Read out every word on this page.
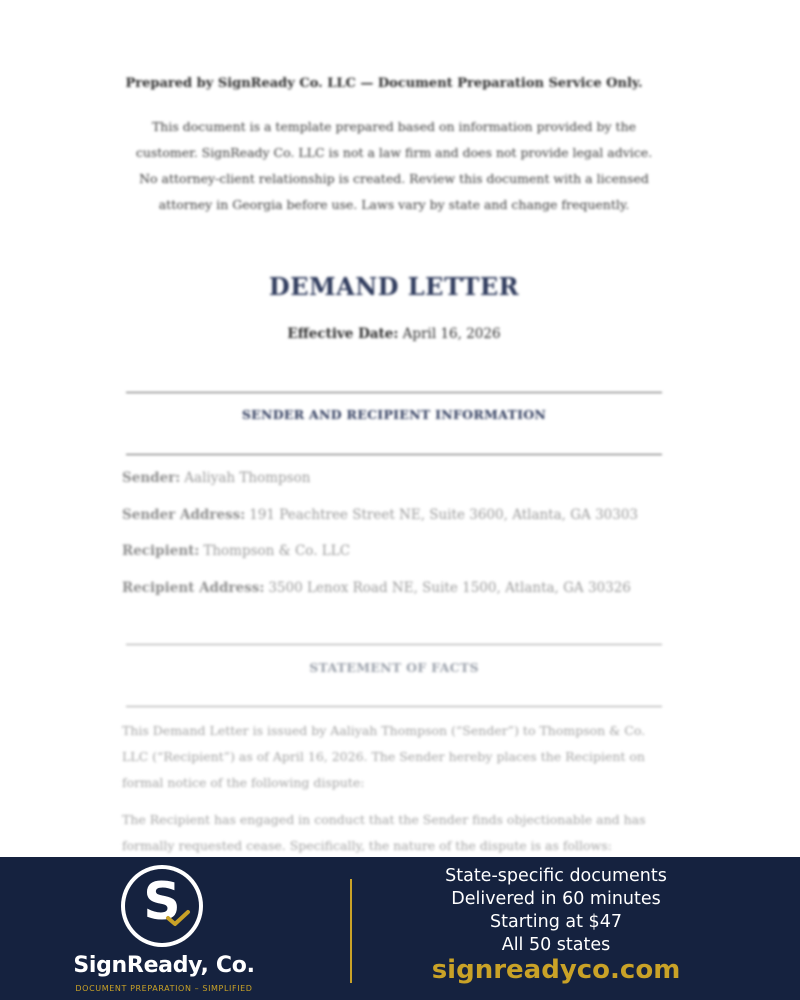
Prepared by SignReady Co. LLC — Document Preparation Service Only.
This document is a template prepared based on information provided by the customer. SignReady Co. LLC is not a law firm and does not provide legal advice. No attorney-client relationship is created. Review this document with a licensed attorney in Georgia before use. Laws vary by state and change frequently.
DEMAND LETTER
Effective Date: April 16, 2026
SENDER AND RECIPIENT INFORMATION
Sender: Aaliyah Thompson
Sender Address: 191 Peachtree Street NE, Suite 3600, Atlanta, GA 30303
Recipient: Thompson & Co. LLC
Recipient Address: 3500 Lenox Road NE, Suite 1500, Atlanta, GA 30326
STATEMENT OF FACTS
This Demand Letter is issued by Aaliyah Thompson (“Sender”) to Thompson & Co. LLC (“Recipient”) as of April 16, 2026. The Sender hereby places the Recipient on formal notice of the following dispute:
The Recipient has engaged in conduct that the Sender finds objectionable and has formally requested cease. Specifically, the nature of the dispute is as follows:
S
SignReady, Co.
DOCUMENT PREPARATION – SIMPLIFIED
State-specific documents
Delivered in 60 minutes
Starting at $47
All 50 states
signreadyco.com
